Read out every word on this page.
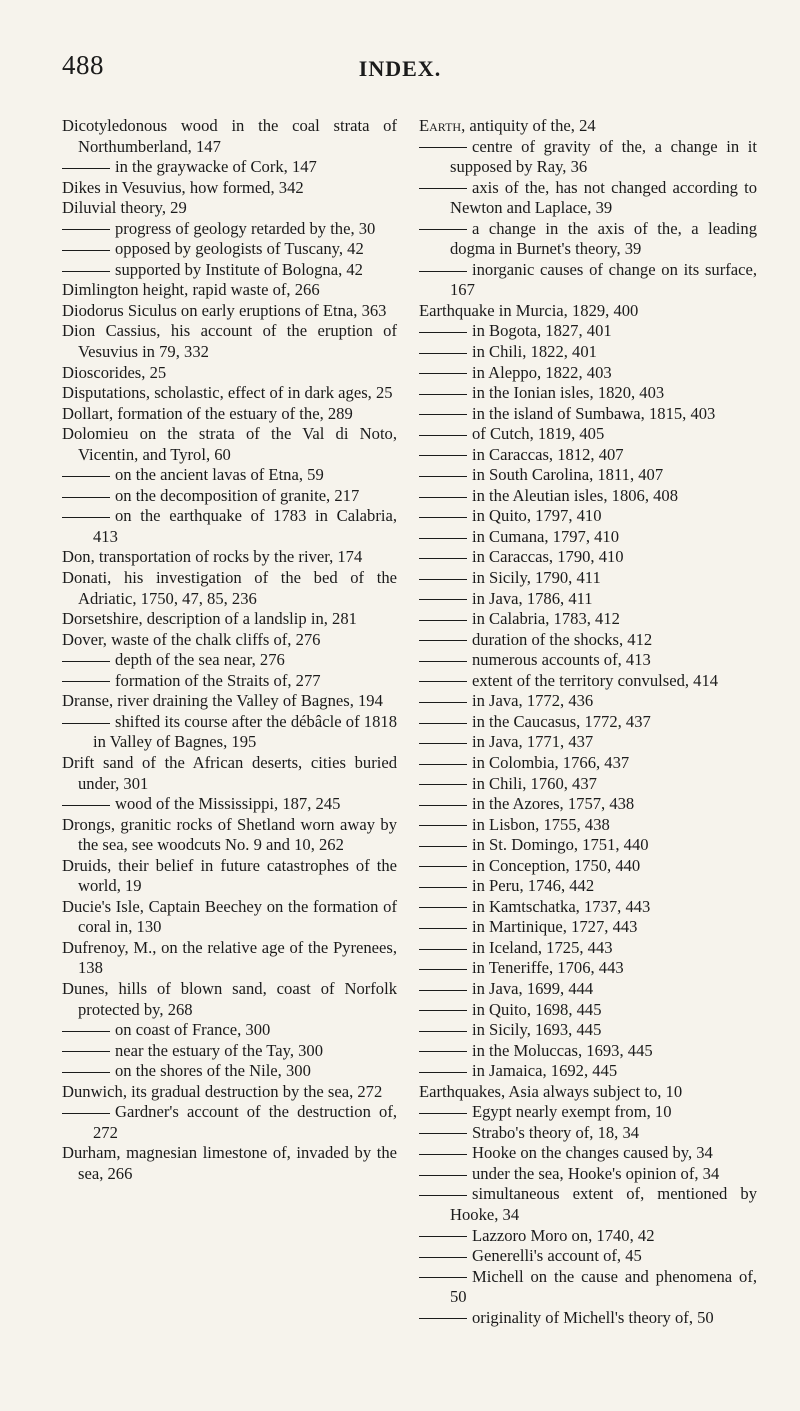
488	INDEX.
Dicotyledonous wood in the coal strata of Northumberland, 147
in the graywacke of Cork, 147
Dikes in Vesuvius, how formed, 342
Diluvial theory, 29
progress of geology retarded by the, 30
opposed by geologists of Tuscany, 42
supported by Institute of Bologna, 42
Dimlington height, rapid waste of, 266
Diodorus Siculus on early eruptions of Etna, 363
Dion Cassius, his account of the eruption of Vesuvius in 79, 332
Dioscorides, 25
Disputations, scholastic, effect of in dark ages, 25
Dollart, formation of the estuary of the, 289
Dolomieu on the strata of the Val di Noto, Vicentin, and Tyrol, 60
on the ancient lavas of Etna, 59
on the decomposition of granite, 217
on the earthquake of 1783 in Calabria, 413
Don, transportation of rocks by the river, 174
Donati, his investigation of the bed of the Adriatic, 1750, 47, 85, 236
Dorsetshire, description of a landslip in, 281
Dover, waste of the chalk cliffs of, 276
depth of the sea near, 276
formation of the Straits of, 277
Dranse, river draining the Valley of Bagnes, 194
shifted its course after the débâcle of 1818 in Valley of Bagnes, 195
Drift sand of the African deserts, cities buried under, 301
wood of the Mississippi, 187, 245
Drongs, granitic rocks of Shetland worn away by the sea, see woodcuts No. 9 and 10, 262
Druids, their belief in future catastrophes of the world, 19
Ducie's Isle, Captain Beechey on the formation of coral in, 130
Dufrenoy, M., on the relative age of the Pyrenees, 138
Dunes, hills of blown sand, coast of Norfolk protected by, 268
on coast of France, 300
near the estuary of the Tay, 300
on the shores of the Nile, 300
Dunwich, its gradual destruction by the sea, 272
Gardner's account of the destruction of, 272
Durham, magnesian limestone of, invaded by the sea, 266
Earth, antiquity of the, 24
centre of gravity of the, a change in it supposed by Ray, 36
axis of the, has not changed according to Newton and Laplace, 39
a change in the axis of the, a leading dogma in Burnet's theory, 39
inorganic causes of change on its surface, 167
Earthquake in Murcia, 1829, 400
in Bogota, 1827, 401
in Chili, 1822, 401
in Aleppo, 1822, 403
in the Ionian isles, 1820, 403
in the island of Sumbawa, 1815, 403
of Cutch, 1819, 405
in Caraccas, 1812, 407
in South Carolina, 1811, 407
in the Aleutian isles, 1806, 408
in Quito, 1797, 410
in Cumana, 1797, 410
in Caraccas, 1790, 410
in Sicily, 1790, 411
in Java, 1786, 411
in Calabria, 1783, 412
duration of the shocks, 412
numerous accounts of, 413
extent of the territory convulsed, 414
in Java, 1772, 436
in the Caucasus, 1772, 437
in Java, 1771, 437
in Colombia, 1766, 437
in Chili, 1760, 437
in the Azores, 1757, 438
in Lisbon, 1755, 438
in St. Domingo, 1751, 440
in Conception, 1750, 440
in Peru, 1746, 442
in Kamtschatka, 1737, 443
in Martinique, 1727, 443
in Iceland, 1725, 443
in Teneriffe, 1706, 443
in Java, 1699, 444
in Quito, 1698, 445
in Sicily, 1693, 445
in the Moluccas, 1693, 445
in Jamaica, 1692, 445
Earthquakes, Asia always subject to, 10
Egypt nearly exempt from, 10
Strabo's theory of, 18, 34
Hooke on the changes caused by, 34
under the sea, Hooke's opinion of, 34
simultaneous extent of, mentioned by Hooke, 34
Lazzoro Moro on, 1740, 42
Generelli's account of, 45
Michell on the cause and phenomena of, 50
originality of Michell's theory of, 50
